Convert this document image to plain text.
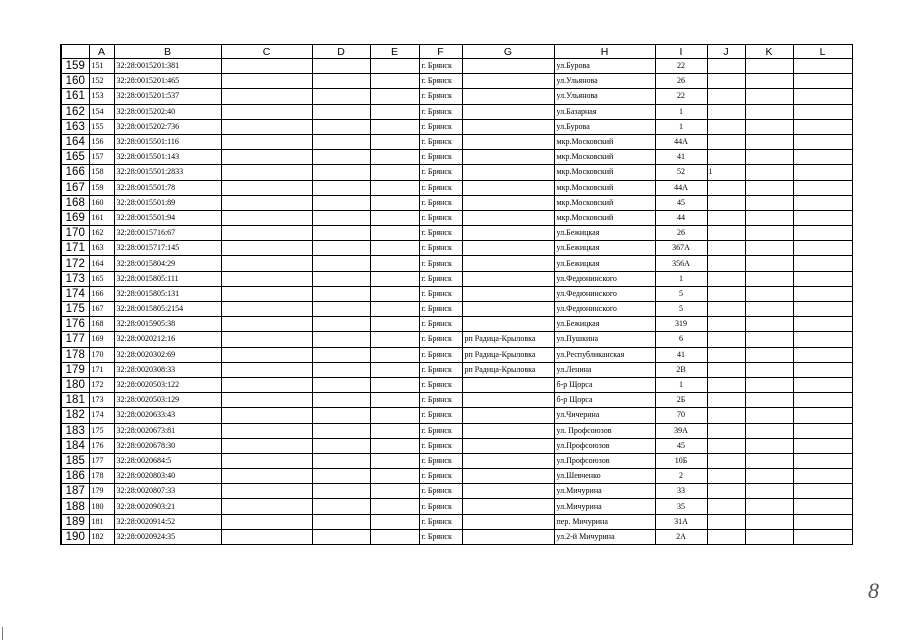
	A	B	C	D	E	F	G	H	I	J	K	L
159	151	32:28:0015201:381				г. Брянск		ул.Бурова	22			
160	152	32:28:0015201:465				г. Брянск		ул.Ульянова	26			
161	153	32:28:0015201:537				г. Брянск		ул.Ульянова	22			
162	154	32:28:0015202:40				г. Брянск		ул.Базарная	1			
163	155	32:28:0015202:736				г. Брянск		ул.Бурова	1			
164	156	32:28:0015501:116				г. Брянск		мкр.Московский	44А			
165	157	32:28:0015501:143				г. Брянск		мкр.Московский	41			
166	158	32:28:0015501:2833				г. Брянск		мкр.Московский	52	1		
167	159	32:28:0015501:78				г. Брянск		мкр.Московский	44А			
168	160	32:28:0015501:89				г. Брянск		мкр.Московский	45			
169	161	32:28:0015501:94				г. Брянск		мкр.Московский	44			
170	162	32:28:0015716:67				г. Брянск		ул.Бежицкая	26			
171	163	32:28:0015717:145				г. Брянск		ул.Бежицкая	367А			
172	164	32:28:0015804:29				г. Брянск		ул.Бежицкая	356А			
173	165	32:28:0015805:111				г. Брянск		ул.Федюнинского	1			
174	166	32:28:0015805:131				г. Брянск		ул.Федюнинского	5			
175	167	32:28:0015805:2154				г. Брянск		ул.Федюнинского	5			
176	168	32:28:0015905:38				г. Брянск		ул.Бежицкая	319			
177	169	32:28:0020212:16				г. Брянск	рп Радица-Крыловка	ул.Пушкина	6			
178	170	32:28:0020302:69				г. Брянск	рп Радица-Крыловка	ул.Республиканская	41			
179	171	32:28:0020308:33				г. Брянск	рп Радица-Крыловка	ул.Ленина	2В			
180	172	32:28:0020503:122				г. Брянск		б-р Щорса	1			
181	173	32:28:0020503:129				г. Брянск		б-р Щорса	2Б			
182	174	32:28:0020633:43				г. Брянск		ул.Чичерина	70			
183	175	32:28:0020673:81				г. Брянск		ул. Профсоюзов	39А			
184	176	32:28:0020678:30				г. Брянск		ул.Профсоюзов	45			
185	177	32:28:0020684:5				г. Брянск		ул.Профсоюзов	10Б			
186	178	32:28:0020803:40				г. Брянск		ул.Шевченко	2			
187	179	32:28:0020807:33				г. Брянск		ул.Мичурина	33			
188	180	32:28:0020903:21				г. Брянск		ул.Мичурина	35			
189	181	32:28:0020914:52				г. Брянск		пер. Мичурина	31А			
190	182	32:28:0020924:35				г. Брянск		ул.2-й Мичурина	2А			
8
